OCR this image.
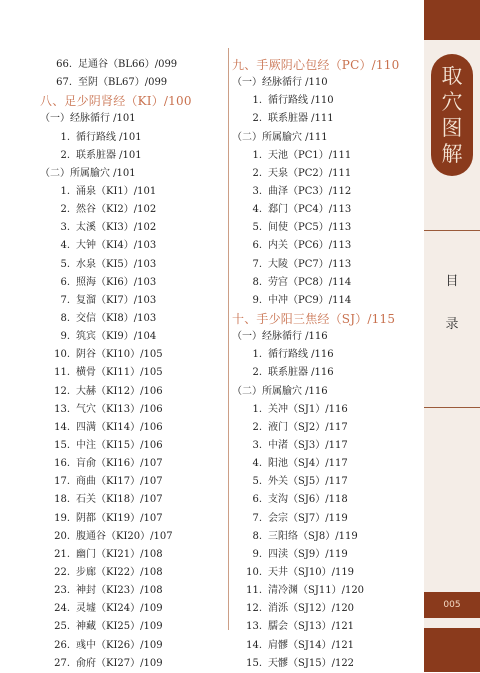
66. 足通谷（BL66）/099
67. 至阴（BL67）/099
八、足少阴肾经（KI）/100
（一）经脉循行 /101
1. 循行路线 /101
2. 联系脏器 /101
（二）所属腧穴 /101
1. 涌泉（KI1）/101
2. 然谷（KI2）/102
3. 太溪（KI3）/102
4. 大钟（KI4）/103
5. 水泉（KI5）/103
6. 照海（KI6）/103
7. 复溜（KI7）/103
8. 交信（KI8）/103
9. 筑宾（KI9）/104
10. 阴谷（KI10）/105
11. 横骨（KI11）/105
12. 大赫（KI12）/106
13. 气穴（KI13）/106
14. 四满（KI14）/106
15. 中注（KI15）/106
16. 肓俞（KI16）/107
17. 商曲（KI17）/107
18. 石关（KI18）/107
19. 阴都（KI19）/107
20. 腹通谷（KI20）/107
21. 幽门（KI21）/108
22. 步廊（KI22）/108
23. 神封（KI23）/108
24. 灵墟（KI24）/109
25. 神藏（KI25）/109
26. 彧中（KI26）/109
27. 俞府（KI27）/109
九、手厥阴心包经（PC）/110
（一）经脉循行 /110
1. 循行路线 /110
2. 联系脏器 /111
（二）所属腧穴 /111
1. 天池（PC1）/111
2. 天泉（PC2）/111
3. 曲泽（PC3）/112
4. 郄门（PC4）/113
5. 间使（PC5）/113
6. 内关（PC6）/113
7. 大陵（PC7）/113
8. 劳宫（PC8）/114
9. 中冲（PC9）/114
十、手少阳三焦经（SJ）/115
（一）经脉循行 /116
1. 循行路线 /116
2. 联系脏器 /116
（二）所属腧穴 /116
1. 关冲（SJ1）/116
2. 液门（SJ2）/117
3. 中渚（SJ3）/117
4. 阳池（SJ4）/117
5. 外关（SJ5）/117
6. 支沟（SJ6）/118
7. 会宗（SJ7）/119
8. 三阳络（SJ8）/119
9. 四渎（SJ9）/119
10. 天井（SJ10）/119
11. 清冷渊（SJ11）/120
12. 消泺（SJ12）/120
13. 臑会（SJ13）/121
14. 肩髎（SJ14）/121
15. 天髎（SJ15）/122
取
穴
图
解
目
录
005
